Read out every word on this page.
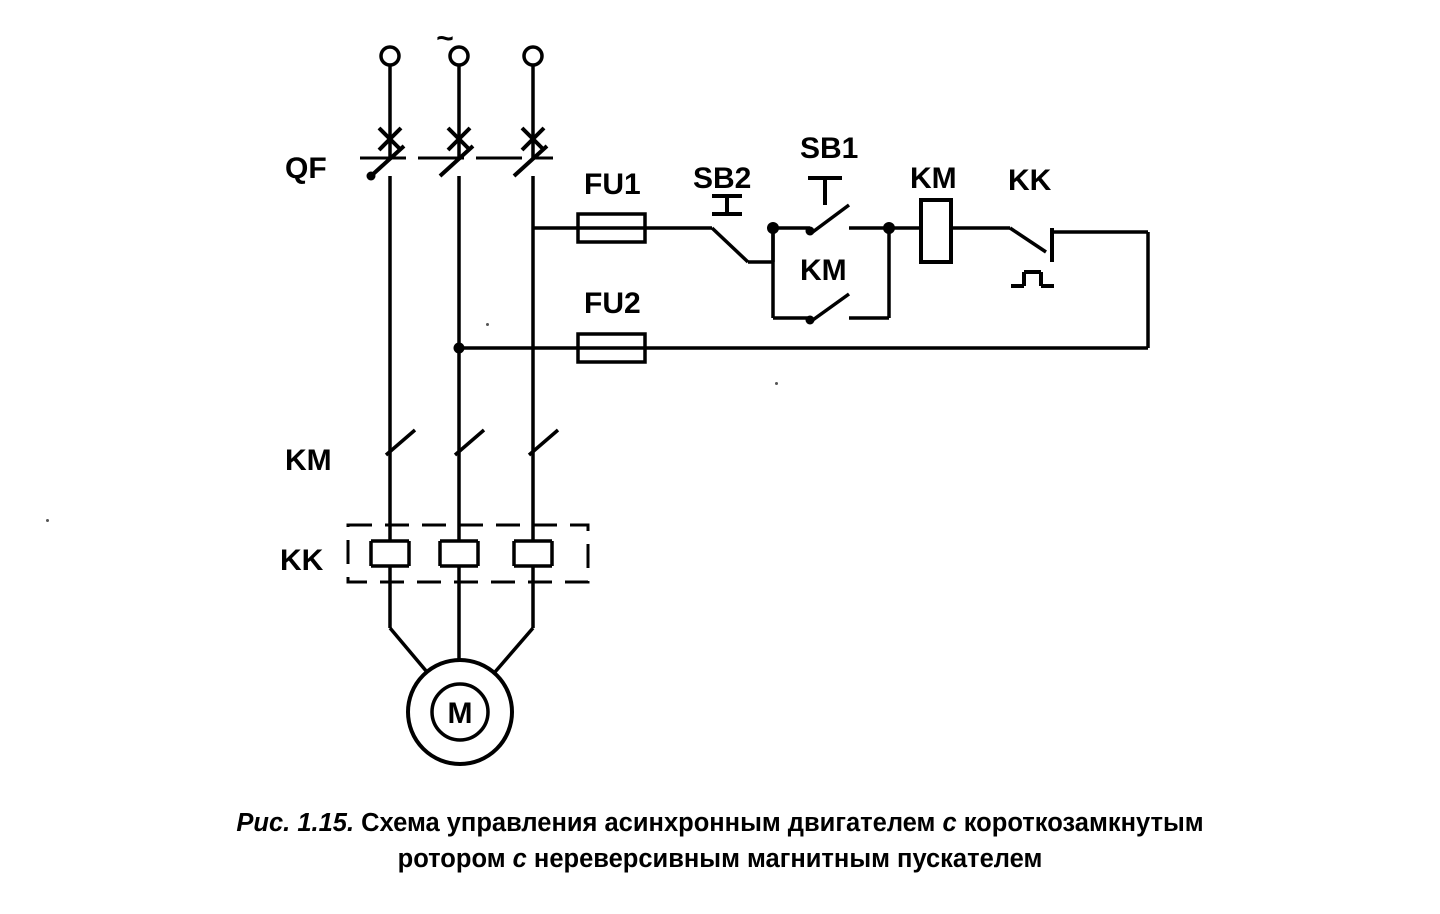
~
QF	FU1
FU2
SB2
SB1
KM
KM KK
KM
KK
M
Рис. 1.15. Схема управления асинхронным двигателем с короткозамкнутым
ротором с нереверсивным магнитным пускателем
